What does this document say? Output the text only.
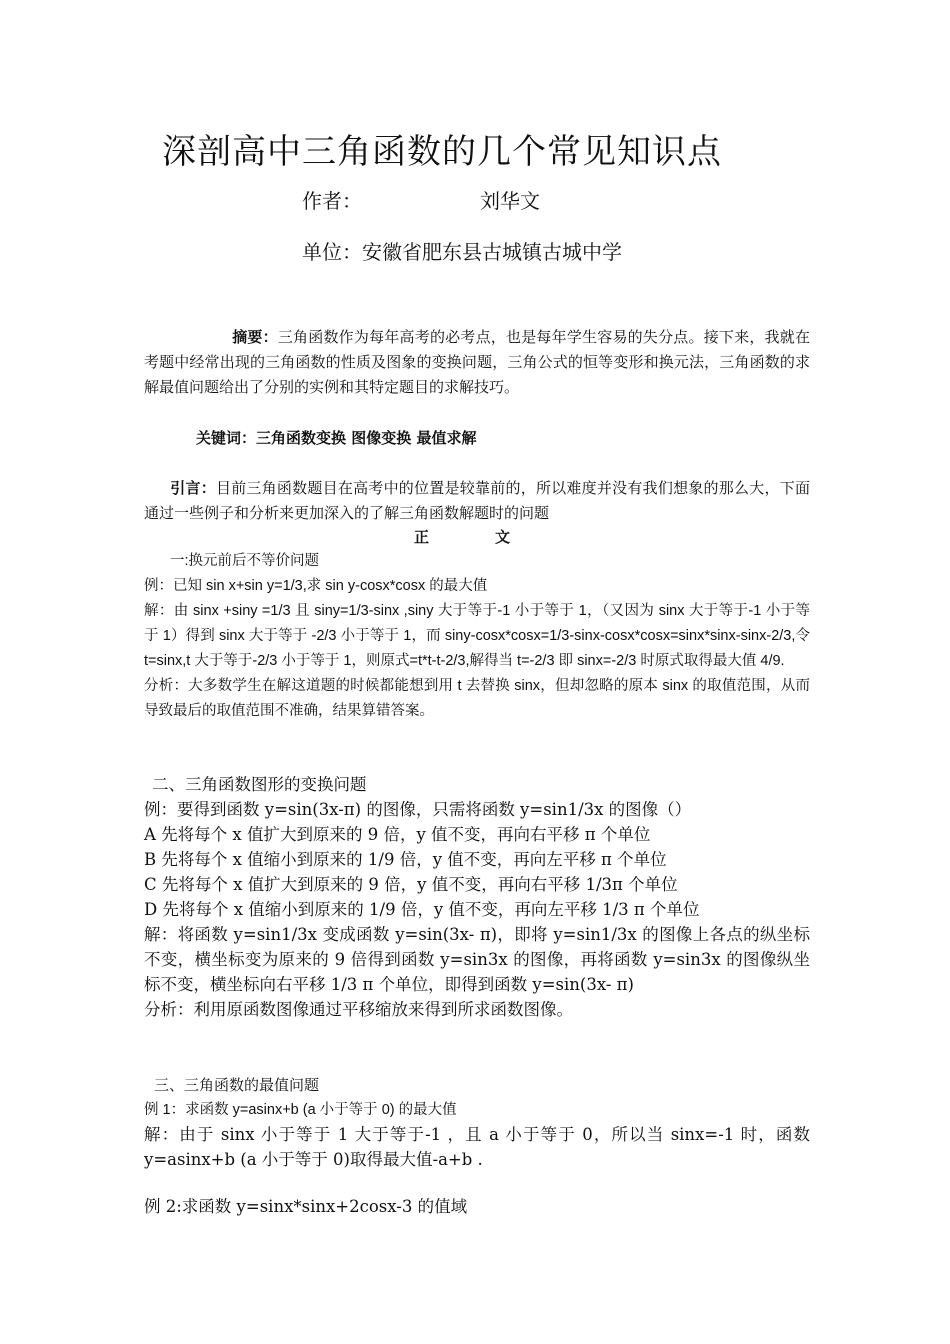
深剖高中三角函数的几个常见知识点
作者：	刘华文
单位：安徽省肥东县古城镇古城中学
摘要：三角函数作为每年高考的必考点，也是每年学生容易的失分点。接下来，我就在考题中经常出现的三角函数的性质及图象的变换问题，三角公式的恒等变形和换元法，三角函数的求解最值问题给出了分别的实例和其特定题目的求解技巧。
关键词：三角函数变换 图像变换 最值求解
引言：目前三角函数题目在高考中的位置是较靠前的，所以难度并没有我们想象的那么大，下面通过一些例子和分析来更加深入的了解三角函数解题时的问题
正	文

一:换元前后不等价问题

例：已知 sin x+sin y=1/3,求 sin y-cosx*cosx 的最大值

解：由 sinx +siny =1/3 且 siny=1/3-sinx ,siny 大于等于-1 小于等于 1，（又因为 sinx 大于等于-1 小于等于 1）得到 sinx 大于等于 -2/3 小于等于 1，而 siny-cosx*cosx=1/3-sinx-cosx*cosx=sinx*sinx-sinx-2/3,令 t=sinx,t 大于等于-2/3 小于等于 1，则原式=t*t-t-2/3,解得当 t=-2/3 即 sinx=-2/3 时原式取得最大值 4/9.

分析：大多数学生在解这道题的时候都能想到用 t 去替换 sinx，但却忽略的原本 sinx 的取值范围，从而导致最后的取值范围不准确，结果算错答案。

二、三角函数图形的变换问题

例：要得到函数 y=sin(3x-π) 的图像，只需将函数 y=sin1/3x 的图像（）

A 先将每个 x 值扩大到原来的 9 倍，y 值不变，再向右平移 π 个单位

B 先将每个 x 值缩小到原来的 1/9 倍，y 值不变，再向左平移 π 个单位

C 先将每个 x 值扩大到原来的 9 倍，y 值不变，再向右平移 1/3π 个单位

D 先将每个 x 值缩小到原来的 1/9 倍，y 值不变，再向左平移 1/3 π 个单位

解：将函数 y=sin1/3x 变成函数 y=sin(3x- π)，即将 y=sin1/3x 的图像上各点的纵坐标不变，横坐标变为原来的 9 倍得到函数 y=sin3x 的图像，再将函数 y=sin3x 的图像纵坐标不变，横坐标向右平移 1/3 π 个单位，即得到函数 y=sin(3x- π)

分析：利用原函数图像通过平移缩放来得到所求函数图像。

三、三角函数的最值问题

例 1：求函数 y=asinx+b (a 小于等于 0) 的最大值

解：由于 sinx 小于等于 1 大于等于-1 ，且 a 小于等于 0，所以当 sinx=-1 时，函数 y=asinx+b (a 小于等于 0)取得最大值-a+b .

例 2:求函数 y=sinx*sinx+2cosx-3 的值域
